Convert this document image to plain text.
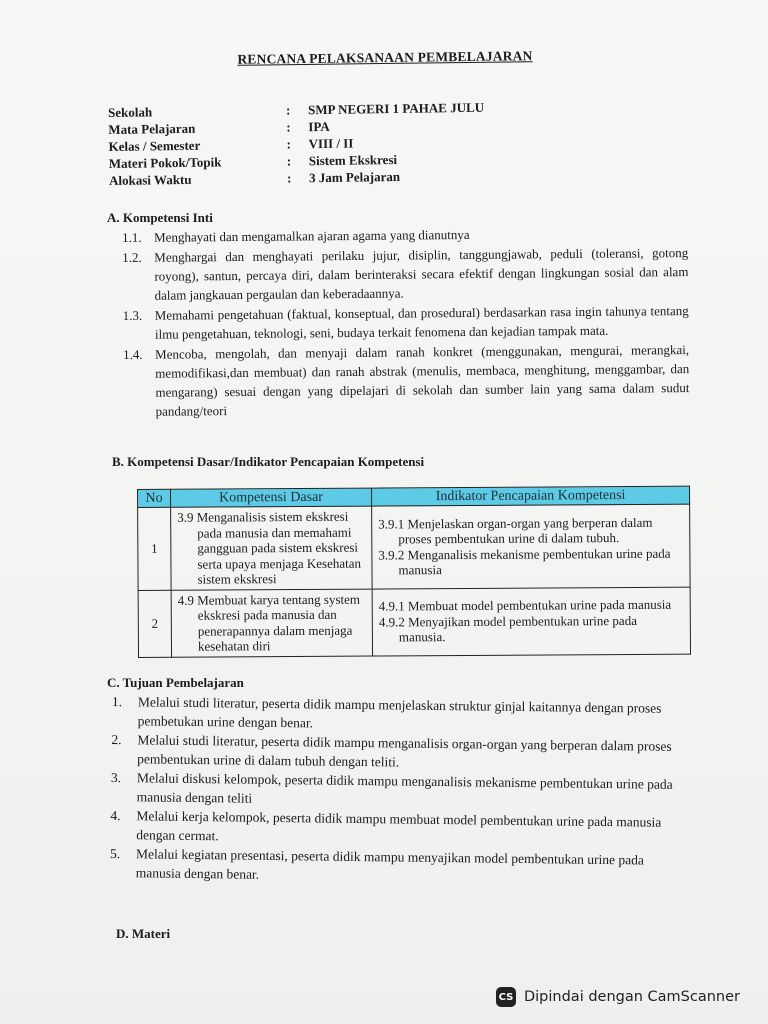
RENCANA PELAKSANAAN PEMBELAJARAN
Sekolah	:	SMP NEGERI 1 PAHAE JULU
Mata Pelajaran	:	IPA
Kelas / Semester	:	VIII / II
Materi Pokok/Topik	:	Sistem Ekskresi
Alokasi Waktu	:	3 Jam Pelajaran
A. Kompetensi Inti
1.1. Menghayati dan mengamalkan ajaran agama yang dianutnya
1.2. Menghargai dan menghayati perilaku jujur, disiplin, tanggungjawab, peduli (toleransi, gotong royong), santun, percaya diri, dalam berinteraksi secara efektif dengan lingkungan sosial dan alam dalam jangkauan pergaulan dan keberadaannya.
1.3. Memahami pengetahuan (faktual, konseptual, dan prosedural) berdasarkan rasa ingin tahunya tentang ilmu pengetahuan, teknologi, seni, budaya terkait fenomena dan kejadian tampak mata.
1.4. Mencoba, mengolah, dan menyaji dalam ranah konkret (menggunakan, mengurai, merangkai, memodifikasi,dan membuat) dan ranah abstrak (menulis, membaca, menghitung, menggambar, dan mengarang) sesuai dengan yang dipelajari di sekolah dan sumber lain yang sama dalam sudut pandang/teori
B. Kompetensi Dasar/Indikator Pencapaian Kompetensi
No	Kompetensi Dasar	Indikator Pencapaian Kompetensi
1	3.9 Menganalisis sistem ekskresi pada manusia dan memahami gangguan pada sistem ekskresi serta upaya menjaga Kesehatan sistem ekskresi	3.9.1 Menjelaskan organ-organ yang berperan dalam proses pembentukan urine di dalam tubuh.
3.9.2 Menganalisis mekanisme pembentukan urine pada manusia

2	4.9 Membuat karya tentang system ekskresi pada manusia dan penerapannya dalam menjaga kesehatan diri	4.9.1 Membuat model pembentukan urine pada manusia
4.9.2 Menyajikan model pembentukan urine pada manusia.
C. Tujuan Pembelajaran
1.	Melalui studi literatur, peserta didik mampu menjelaskan struktur ginjal kaitannya dengan proses pembetukan urine dengan benar.
2.	Melalui studi literatur, peserta didik mampu menganalisis organ-organ yang berperan dalam proses pembentukan urine di dalam tubuh dengan teliti.
3.	Melalui diskusi kelompok, peserta didik mampu menganalisis mekanisme pembentukan urine pada manusia dengan teliti
4.	Melalui kerja kelompok, peserta didik mampu membuat model pembentukan urine pada manusia dengan cermat.
5.	Melalui kegiatan presentasi, peserta didik mampu menyajikan model pembentukan urine pada manusia dengan benar.
D. Materi
CS Dipindai dengan CamScanner
